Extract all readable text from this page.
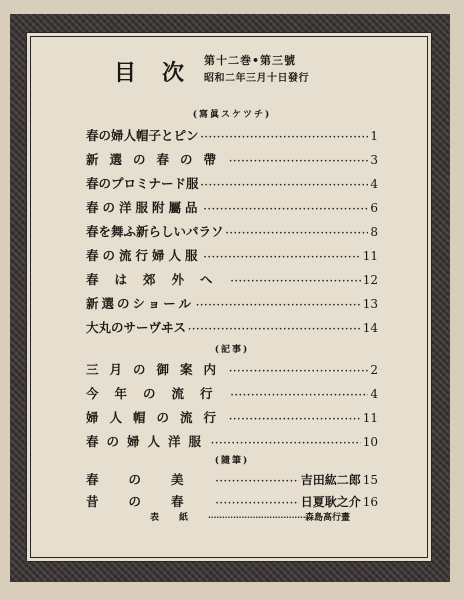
目次
第十二巻•第三號
昭和二年三月十日發行
(寫眞スケツチ)
春の婦人帽子とピン ·····	1
新選の春の帶 ·····	3
春のプロミナード服 ·····	4
春の洋服附屬品 ·····	6
春を舞ふ新らしいパラソ ·····	8
春の流行婦人服 ·····	11
春は郊外へ ·····	12
新選のショール ·····	13
大丸のサーヴヰス ·····	14
(記事)
三月の御案内 ·····	2
今年の流行 ·····	4
婦人帽の流行 ·····	11
春の婦人洋服 ·····	10
(隨筆)
春の美 ·····	吉田紘二郎 15
昔の春 ·····	日夏耿之介 16
表紙 ·····	森島高行畫
